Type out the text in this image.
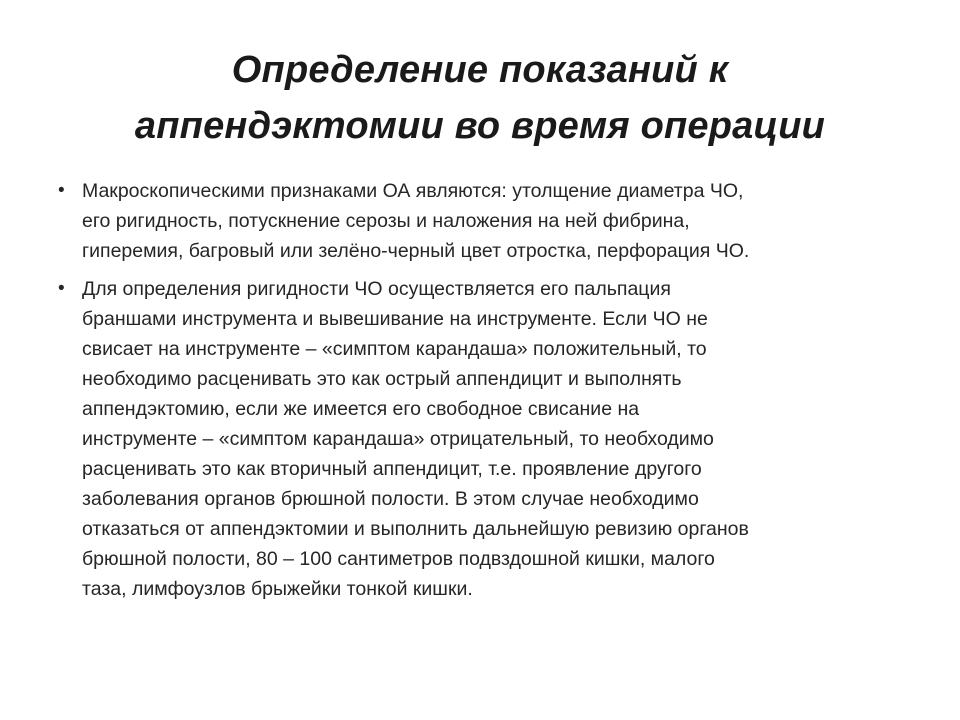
Определение показаний к
аппендэктомии во время операции
• Макроскопическими признаками ОА являются: утолщение диаметра ЧО,
его ригидность, потускнение серозы и наложения на ней фибрина,
гиперемия, багровый или зелёно-черный цвет отростка, перфорация ЧО.
• Для определения ригидности ЧО осуществляется его пальпация
браншами инструмента и вывешивание на инструменте. Если ЧО не
свисает на инструменте – «симптом карандаша» положительный, то
необходимо расценивать это как острый аппендицит и выполнять
аппендэктомию, если же имеется его свободное свисание на
инструменте – «симптом карандаша» отрицательный, то необходимо
расценивать это как вторичный аппендицит, т.е. проявление другого
заболевания органов брюшной полости. В этом случае необходимо
отказаться от аппендэктомии и выполнить дальнейшую ревизию органов
брюшной полости, 80 – 100 сантиметров подвздошной кишки, малого
таза, лимфоузлов брыжейки тонкой кишки.
